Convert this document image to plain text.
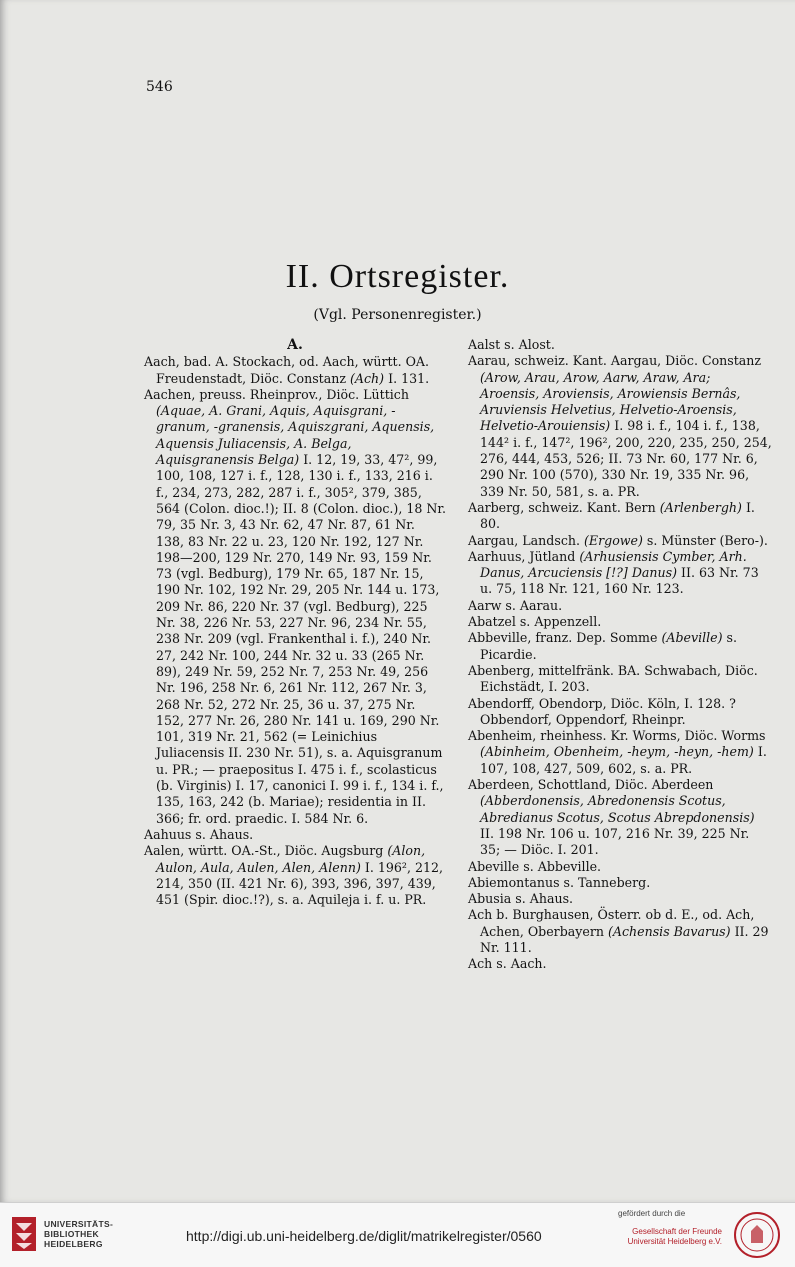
546
II. Ortsregister.
(Vgl. Personenregister.)
A.

Aach, bad. A. Stockach, od. Aach, württ. OA. Freudenstadt, Diöc. Constanz (Ach) I. 131.

Aachen, preuss. Rheinprov., Diöc. Lüttich (Aquae, A. Grani, Aquis, Aquisgrani, -granum, -granensis, Aquiszgrani, Aquensis, Aquensis Juliacensis, A. Belga, Aquisgranensis Belga) I. 12, 19, 33, 47², 99, 100, 108, 127 i. f., 128, 130 i. f., 133, 216 i. f., 234, 273, 282, 287 i. f., 305², 379, 385, 564 (Colon. dioc.!); II. 8 (Colon. dioc.), 18 Nr. 79, 35 Nr. 3, 43 Nr. 62, 47 Nr. 87, 61 Nr. 138, 83 Nr. 22 u. 23, 120 Nr. 192, 127 Nr. 198—200, 129 Nr. 270, 149 Nr. 93, 159 Nr. 73 (vgl. Bedburg), 179 Nr. 65, 187 Nr. 15, 190 Nr. 102, 192 Nr. 29, 205 Nr. 144 u. 173, 209 Nr. 86, 220 Nr. 37 (vgl. Bedburg), 225 Nr. 38, 226 Nr. 53, 227 Nr. 96, 234 Nr. 55, 238 Nr. 209 (vgl. Frankenthal i. f.), 240 Nr. 27, 242 Nr. 100, 244 Nr. 32 u. 33 (265 Nr. 89), 249 Nr. 59, 252 Nr. 7, 253 Nr. 49, 256 Nr. 196, 258 Nr. 6, 261 Nr. 112, 267 Nr. 3, 268 Nr. 52, 272 Nr. 25, 36 u. 37, 275 Nr. 152, 277 Nr. 26, 280 Nr. 141 u. 169, 290 Nr. 101, 319 Nr. 21, 562 (= Leinichius Juliacensis II. 230 Nr. 51), s. a. Aquisgranum u. PR.; — praepositus I. 475 i. f., scolasticus (b. Virginis) I. 17, canonici I. 99 i. f., 134 i. f., 135, 163, 242 (b. Mariae); residentia in II. 366; fr. ord. praedic. I. 584 Nr. 6.

Aahuus s. Ahaus.

Aalen, württ. OA.-St., Diöc. Augsburg (Alon, Aulon, Aula, Aulen, Alen, Alenn) I. 196², 212, 214, 350 (II. 421 Nr. 6), 393, 396, 397, 439, 451 (Spir. dioc.!?), s. a. Aquileja i. f. u. PR.

Aalst s. Alost.

Aarau, schweiz. Kant. Aargau, Diöc. Constanz (Arow, Arau, Arow, Aarw, Araw, Ara; Aroensis, Aroviensis, Arowiensis Bernâs, Aruviensis Helvetius, Helvetio-Aroensis, Helvetio-Arouiensis) I. 98 i. f., 104 i. f., 138, 144² i. f., 147², 196², 200, 220, 235, 250, 254, 276, 444, 453, 526; II. 73 Nr. 60, 177 Nr. 6, 290 Nr. 100 (570), 330 Nr. 19, 335 Nr. 96, 339 Nr. 50, 581, s. a. PR.

Aarberg, schweiz. Kant. Bern (Arlenbergh) I. 80.

Aargau, Landsch. (Ergowe) s. Münster (Bero-).

Aarhuus, Jütland (Arhusiensis Cymber, Arh. Danus, Arcuciensis [!?] Danus) II. 63 Nr. 73 u. 75, 118 Nr. 121, 160 Nr. 123.

Aarw s. Aarau.

Abatzel s. Appenzell.

Abbeville, franz. Dep. Somme (Abeville) s. Picardie.

Abenberg, mittelfränk. BA. Schwabach, Diöc. Eichstädt, I. 203.

Abendorff, Obendorp, Diöc. Köln, I. 128. ? Obbendorf, Oppendorf, Rheinpr.

Abenheim, rheinhess. Kr. Worms, Diöc. Worms (Abinheim, Obenheim, -heym, -heyn, -hem) I. 107, 108, 427, 509, 602, s. a. PR.

Aberdeen, Schottland, Diöc. Aberdeen (Abberdonensis, Abredonensis Scotus, Abredianus Scotus, Scotus Abrepdonensis) II. 198 Nr. 106 u. 107, 216 Nr. 39, 225 Nr. 35; — Diöc. I. 201.

Abeville s. Abbeville.

Abiemontanus s. Tanneberg.

Abusia s. Ahaus.

Ach b. Burghausen, Österr. ob d. E., od. Ach, Achen, Oberbayern (Achensis Bavarus) II. 29 Nr. 111.

Ach s. Aach.

UNIVERSITÄTS-
BIBLIOTHEK
HEIDELBERG	http://digi.ub.uni-heidelberg.de/diglit/matrikelregister/0560
gefördert durch die
Gesellschaft der Freunde
Universität Heidelberg e.V.
